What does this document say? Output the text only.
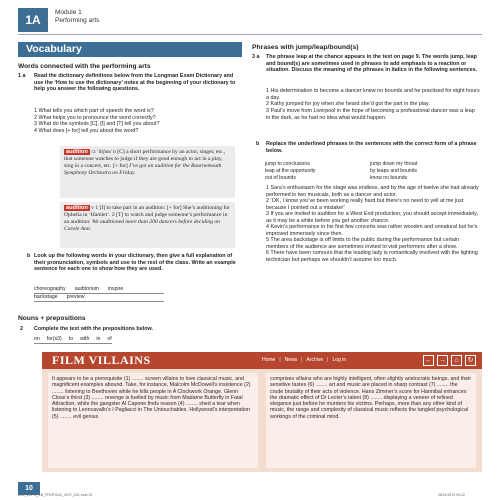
1A
Module 1
Performing arts
Vocabulary
Words connected with the performing arts
1 a Read the dictionary definitions below from the Longman Exam Dictionary and use the ‘How to use the dictionary’ notes at the beginning of your dictionary to help you answer the following questions.
1 What tells you which part of speech the word is?
2 What helps you to pronounce the word correctly?
3 What do the symbols [C], [I] and [T] tell you about?
4 What does [+ for] tell you about the word?
audition /ɔːˈdɪʃən/ n [C] a short performance by an actor, singer, etc., that someone watches to judge if they are good enough to act in a play, sing in a concert, etc. [+ for] I’ve got an audition for the Bournemouth Symphony Orchestra on Friday.
audition v 1 [I] to take part in an audition: [+ for] She’s auditioning for Ophelia in ‘Hamlet’. 2 [T] to watch and judge someone’s performance in an audition: We auditioned more than 200 dancers before deciding on Carole Ann.
b Look up the following words in your dictionary, then give a full explanation of their pronunciation, symbols and use to the rest of the class. Write an example sentence for each one to show how they are used.
choreography auditorium inspire
backstage preview
Nouns + prepositions
2 Complete the text with the prepositions below.
on for(x3) to with in of
Phrases with jump/leap/bound(s)
3 a The phrase leap at the chance appears in the text on page 9. The words jump, leap and bound(s) are sometimes used in phrases to add emphasis to a reaction or situation. Discuss the meaning of the phrases in italics in the following sentences.
1 His determination to become a dancer knew no bounds and he practised for eight hours a day.
2 Kathy jumped for joy when she heard she’d got the part in the play.
3 Paul’s move from Liverpool in the hope of becoming a professional dancer was a leap in the dark, as he had no idea what would happen.
b Replace the underlined phrases in the sentences with the correct form of a phrase below.
jump to conclusions	jump down my throat
leap at the opportunity	by leaps and bounds
out of bounds	know no bounds
1 Sara’s enthusiasm for the stage was endless, and by the age of twelve she had already performed in two musicals, both as a dancer and actor.
2 ‘OK, I know you’ve been working really hard but there’s no need to yell at me just because I pointed out a mistake!’
3 If you are invited to audition for a West End production, you should accept immediately, as it may be a while before you get another chance.
4 Kevin’s performance in his first few concerts was rather wooden and unnatural but he’s improved immensely since then.
5 The area backstage is off limits to the public during the performance but certain members of the audience are sometimes invited to visit performers after a show.
6 There have been rumours that the leading lady is romantically involved with the lighting technician but perhaps we shouldn’t assume too much.
FILM VILLAINS	Home | News | Archive | Log in	← →	⌂	↻
It appears to be a prerequisite (1) ........ screen villains to love classical music, and magnificent examples abound. Take, for instance, Malcolm McDowell’s insistence (2) ........ listening to Beethoven while he kills people in A Clockwork Orange. Glenn Close’s thirst (3) ........ revenge is fuelled by music from Madame Butterfly in Fatal Attraction, while the gangster Al Capone finds reason (4) ........ shed a tear when listening to Leoncavallo’s I Pagliacci in The Untouchables. Hollywood’s interpretation (5) ........ evil genius
comprises villains who are highly intelligent, often slightly aristocratic beings, and their sensitive tastes (6) ........ art and music are placed in sharp contrast (7) ........ the crude brutality of their acts of violence. Hans Zimmer’s score for Hannibal enhances the dramatic effect of Dr Lecter’s talent (8) ........ displaying a veneer of refined elegance just before he murders his victims. Perhaps, more than any other kind of music, the range and complexity of classical music reflects the tangled psychological workings of the criminal mind.
10
M01_EXPC_CB_PROFGLB_4379_U01.indd 10	26/11/2013 09:22
